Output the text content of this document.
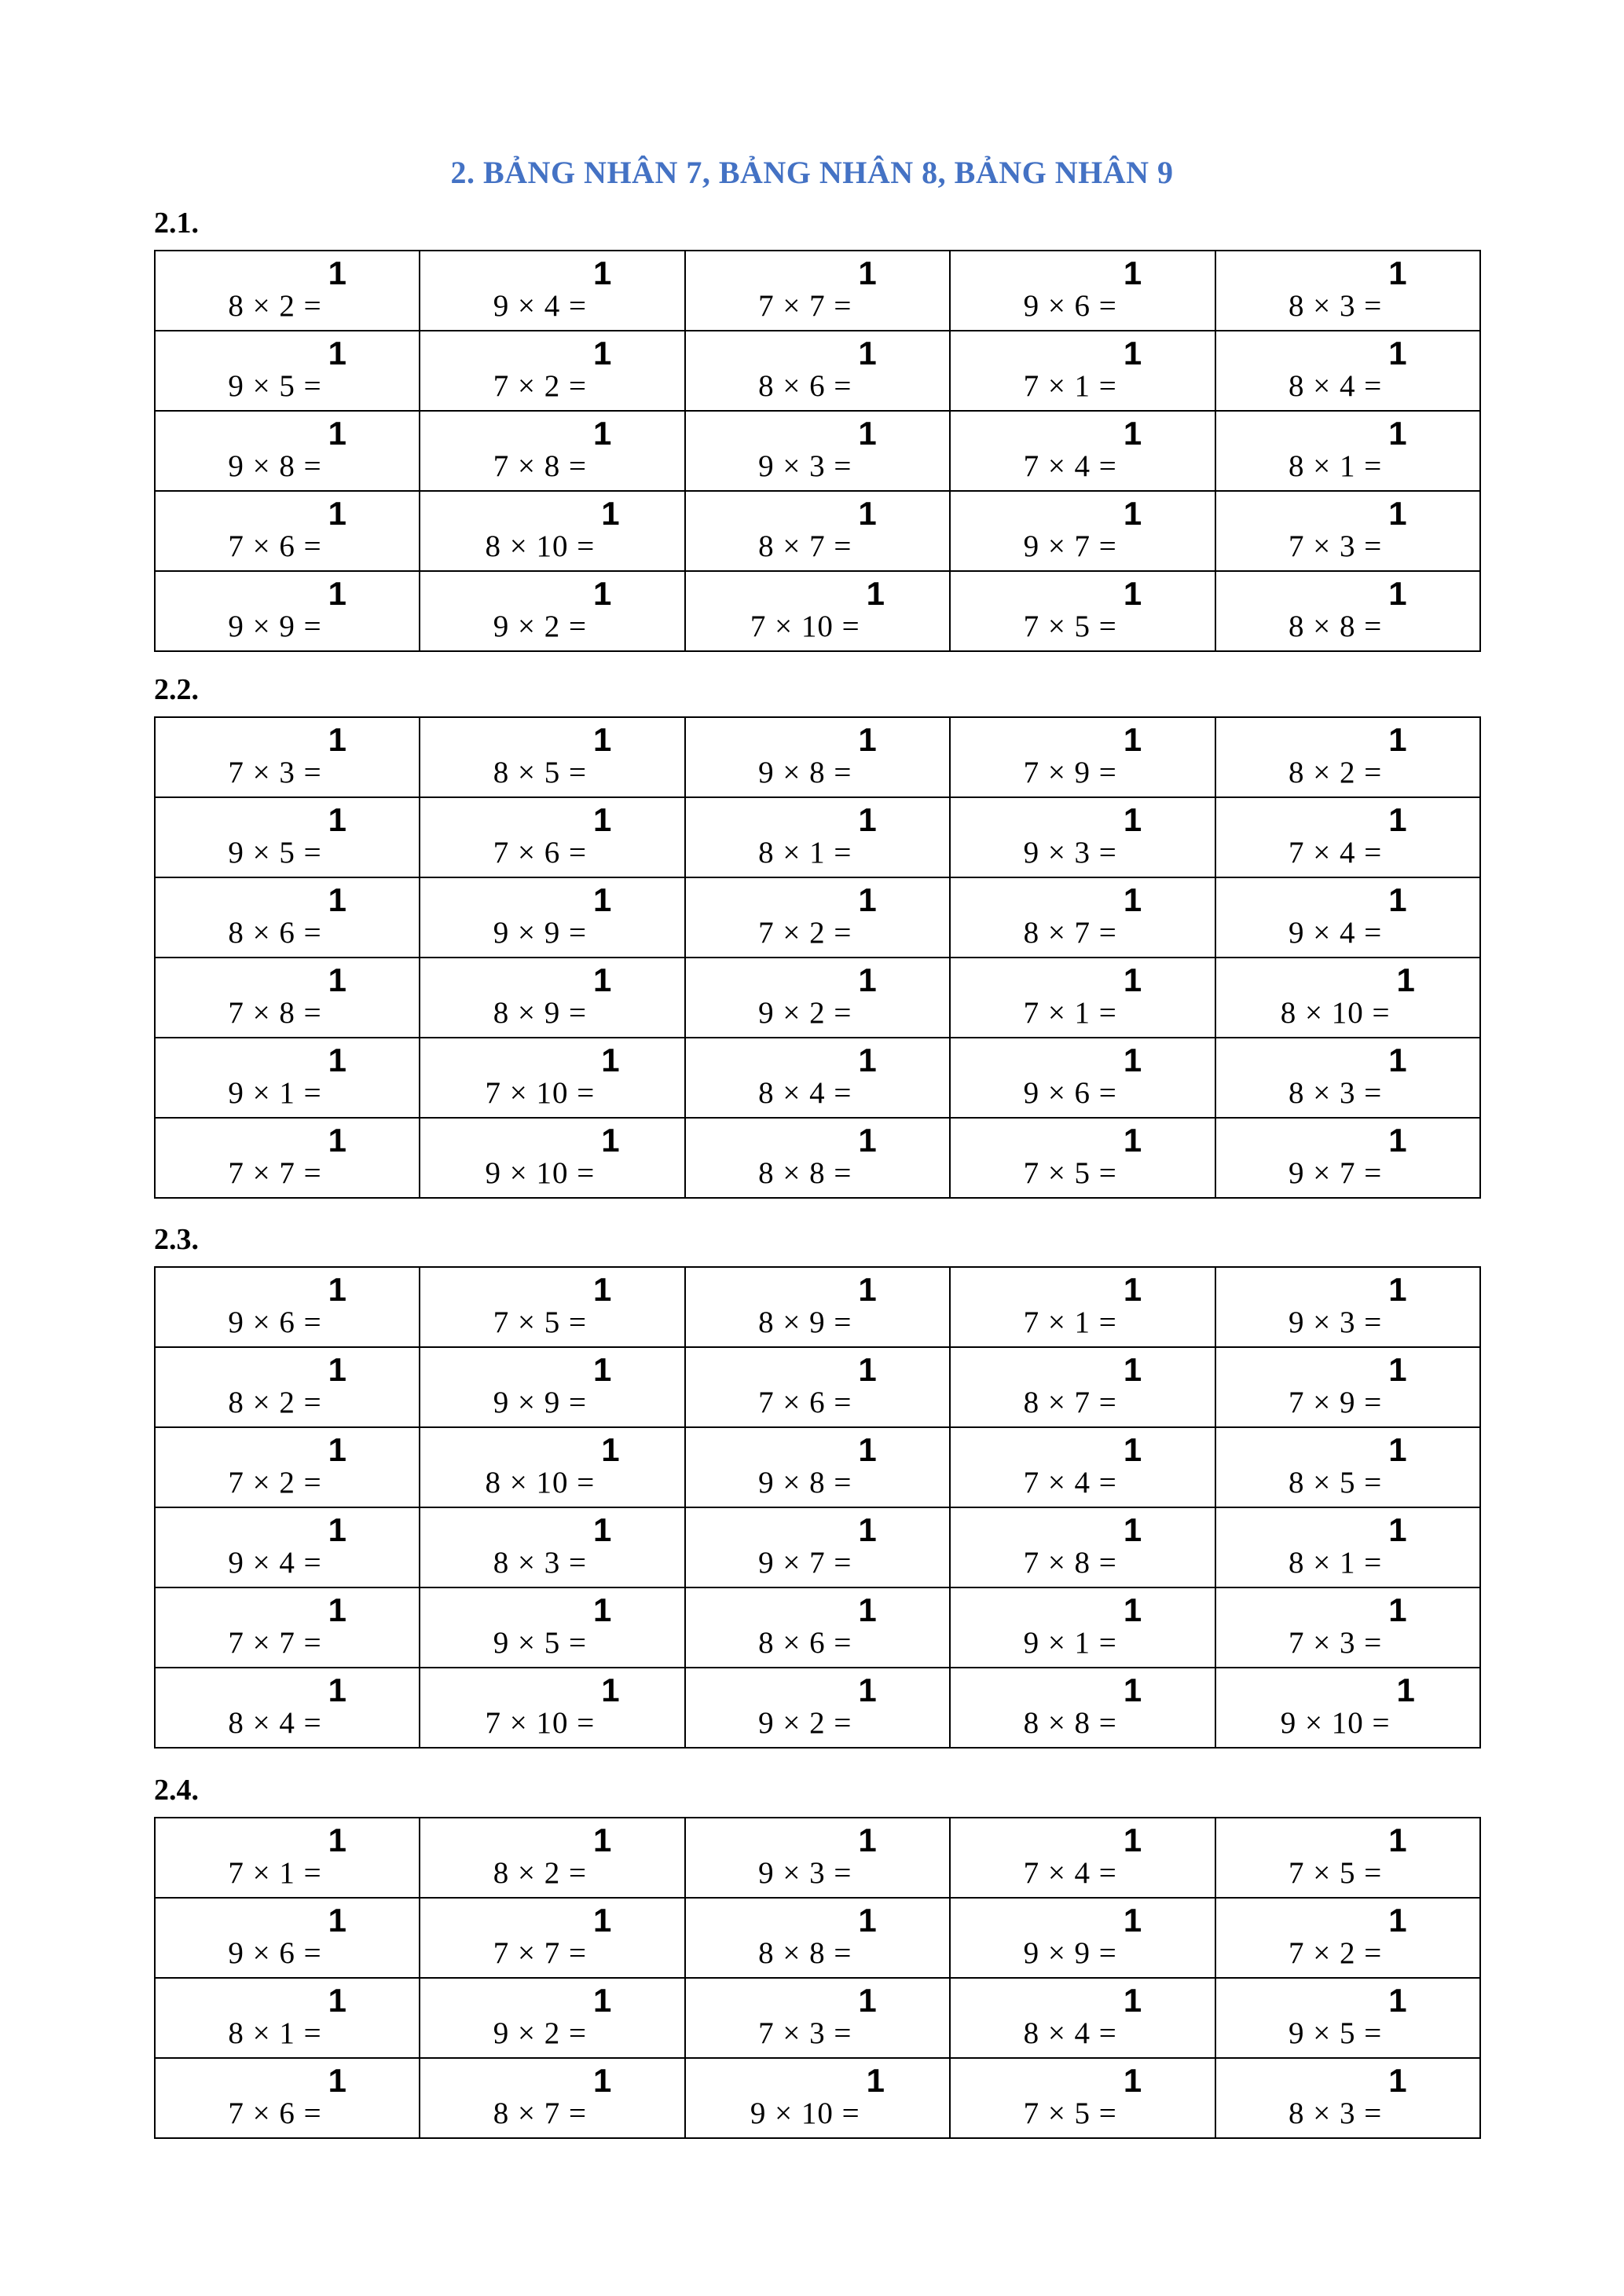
2. BẢNG NHÂN 7, BẢNG NHÂN 8, BẢNG NHÂN 9
2.1.
8 × 2 =1	9 × 4 =1	7 × 7 =1	9 × 6 =1	8 × 3 =1

9 × 5 =1	7 × 2 =1	8 × 6 =1	7 × 1 =1	8 × 4 =1

9 × 8 =1	7 × 8 =1	9 × 3 =1	7 × 4 =1	8 × 1 =1

7 × 6 =1	8 × 10 =1	8 × 7 =1	9 × 7 =1	7 × 3 =1

9 × 9 =1	9 × 2 =1	7 × 10 =1	7 × 5 =1	8 × 8 =1
2.2.
7 × 3 =1	8 × 5 =1	9 × 8 =1	7 × 9 =1	8 × 2 =1

9 × 5 =1	7 × 6 =1	8 × 1 =1	9 × 3 =1	7 × 4 =1

8 × 6 =1	9 × 9 =1	7 × 2 =1	8 × 7 =1	9 × 4 =1

7 × 8 =1	8 × 9 =1	9 × 2 =1	7 × 1 =1	8 × 10 =1

9 × 1 =1	7 × 10 =1	8 × 4 =1	9 × 6 =1	8 × 3 =1

7 × 7 =1	9 × 10 =1	8 × 8 =1	7 × 5 =1	9 × 7 =1
2.3.
9 × 6 =1	7 × 5 =1	8 × 9 =1	7 × 1 =1	9 × 3 =1

8 × 2 =1	9 × 9 =1	7 × 6 =1	8 × 7 =1	7 × 9 =1

7 × 2 =1	8 × 10 =1	9 × 8 =1	7 × 4 =1	8 × 5 =1

9 × 4 =1	8 × 3 =1	9 × 7 =1	7 × 8 =1	8 × 1 =1

7 × 7 =1	9 × 5 =1	8 × 6 =1	9 × 1 =1	7 × 3 =1

8 × 4 =1	7 × 10 =1	9 × 2 =1	8 × 8 =1	9 × 10 =1
2.4.
7 × 1 =1	8 × 2 =1	9 × 3 =1	7 × 4 =1	7 × 5 =1

9 × 6 =1	7 × 7 =1	8 × 8 =1	9 × 9 =1	7 × 2 =1

8 × 1 =1	9 × 2 =1	7 × 3 =1	8 × 4 =1	9 × 5 =1

7 × 6 =1	8 × 7 =1	9 × 10 =1	7 × 5 =1	8 × 3 =1
